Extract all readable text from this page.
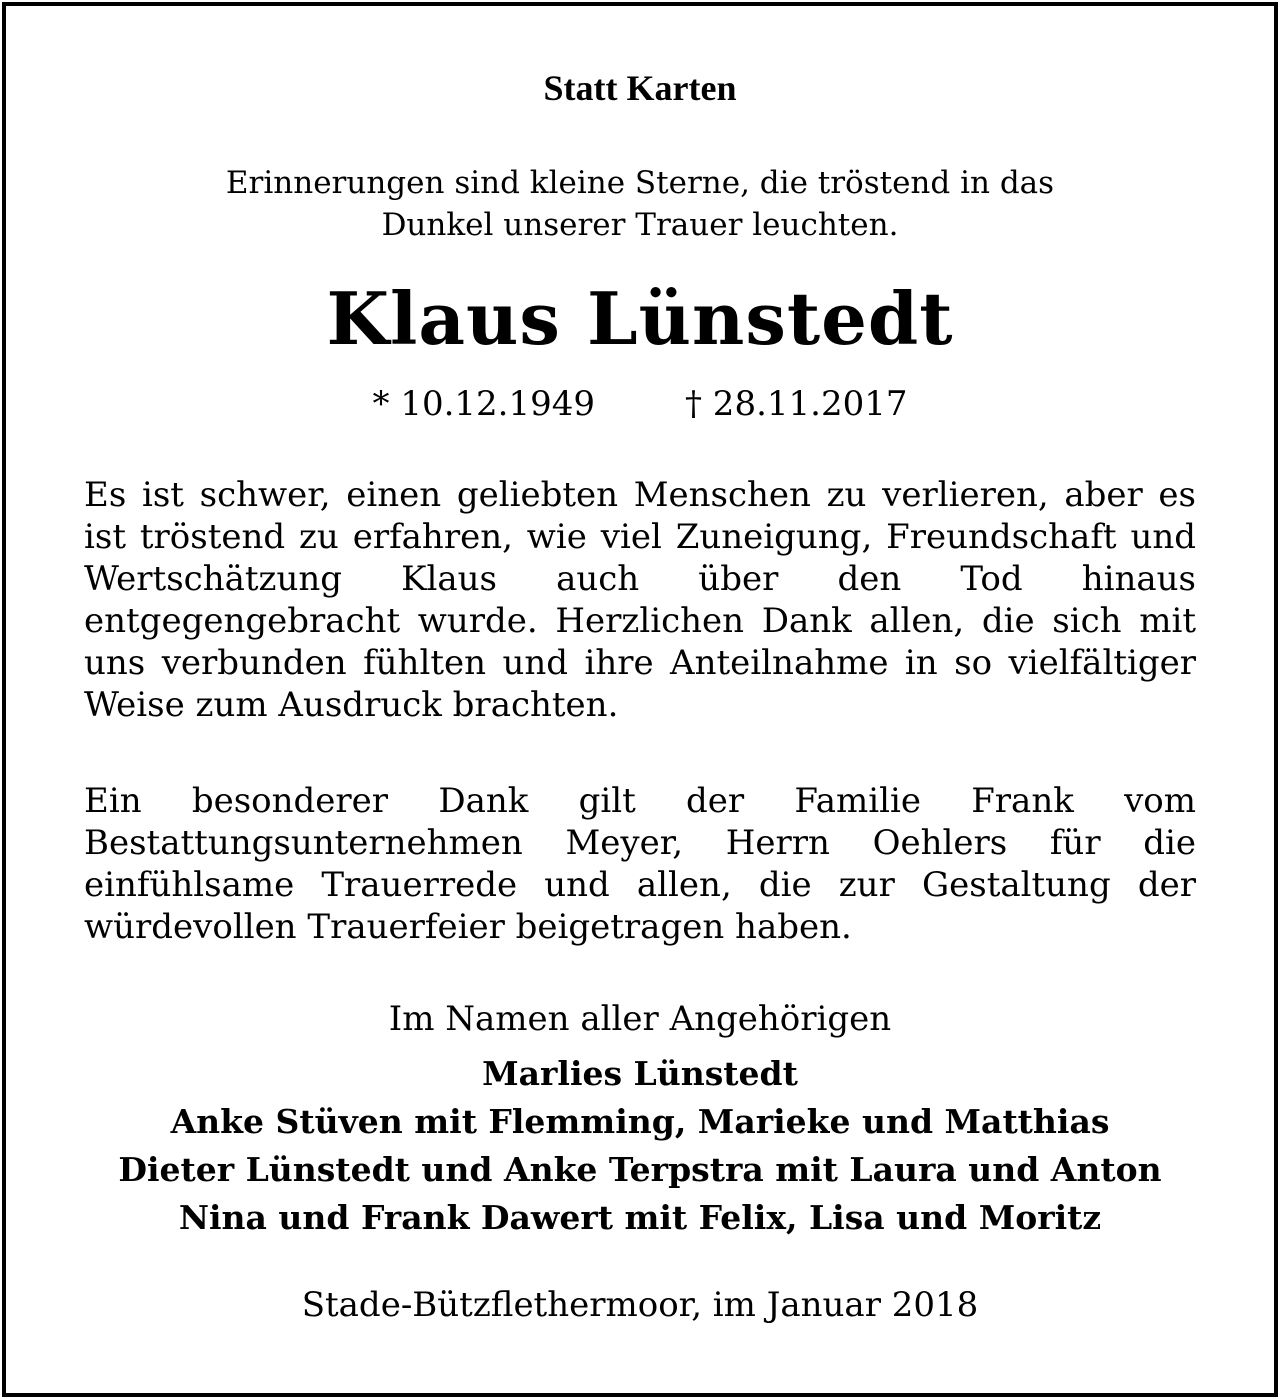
Statt Karten
Erinnerungen sind kleine Sterne, die tröstend in das
Dunkel unserer Trauer leuchten.
Klaus Lünstedt
* 10.12.1949	† 28.11.2017
Es ist schwer, einen geliebten Menschen zu verlieren, aber es ist tröstend zu erfahren, wie viel Zuneigung, Freundschaft und Wertschätzung Klaus auch über den Tod hinaus entgegengebracht wurde. Herzlichen Dank allen, die sich mit uns verbunden fühlten und ihre Anteilnahme in so vielfältiger Weise zum Ausdruck brachten.
Ein besonderer Dank gilt der Familie Frank vom Bestattungsunternehmen Meyer, Herrn Oehlers für die einfühlsame Trauerrede und allen, die zur Gestaltung der würdevollen Trauerfeier beigetragen haben.
Im Namen aller Angehörigen
Marlies Lünstedt
Anke Stüven mit Flemming, Marieke und Matthias
Dieter Lünstedt und Anke Terpstra mit Laura und Anton
Nina und Frank Dawert mit Felix, Lisa und Moritz
Stade-Bützflethermoor, im Januar 2018
